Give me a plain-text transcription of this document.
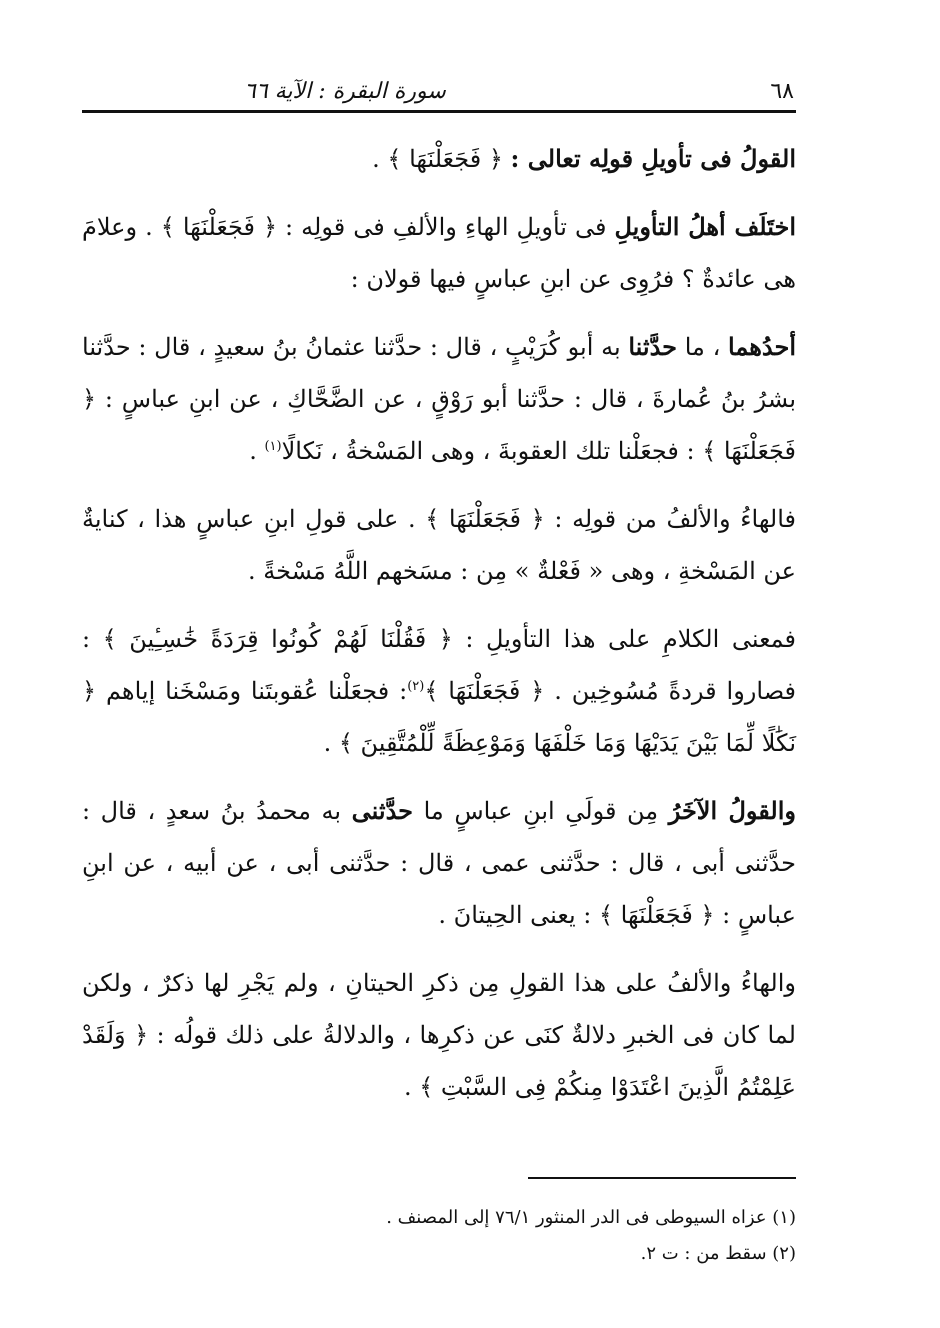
٦٨
سورة البقرة : الآية ٦٦

القولُ فى تأويلِ قولِه تعالى : ﴿ فَجَعَلْنَهَا ﴾ .

اختَلَف أهلُ التأويلِ فى تأويلِ الهاءِ والألفِ فى قولِه : ﴿ فَجَعَلْنَهَا ﴾ . وعلامَ هى عائدةٌ ؟ فرُوِى عن ابنِ عباسٍ فيها قولان :

أحدُهما ، ما حدَّثنا به أبو كُرَيْبٍ ، قال : حدَّثنا عثمانُ بنُ سعيدٍ ، قال : حدَّثنا بشرُ بنُ عُمارةَ ، قال : حدَّثنا أبو رَوْقٍ ، عن الضَّحَّاكِ ، عن ابنِ عباسٍ : ﴿ فَجَعَلْنَهَا ﴾ : فجعَلْنا تلك العقوبةَ ، وهى المَسْخةُ ، نَكالًا$^{(١)}$ .

فالهاءُ والألفُ من قولِه : ﴿ فَجَعَلْنَهَا ﴾ . على قولِ ابنِ عباسٍ هذا ، كنايةٌ عن المَسْخةِ ، وهى « فَعْلةٌ » مِن : مسَخهم اللَّهُ مَسْخةً .

فمعنى الكلامِ على هذا التأويلِ : ﴿ فَقُلْنَا لَهُمْ كُونُوا قِرَدَةً خَٰسِـِٔينَ ﴾ : فصاروا قردةً مُسُوخِين . ﴿ فَجَعَلْنَهَا ﴾$^{(٢)}$: فجعَلْنا عُقوبتَنا ومَسْخَنا إياهم ﴿ نَكَٰلًا لِّمَا بَيْنَ يَدَيْهَا وَمَا خَلْفَهَا وَمَوْعِظَةً لِّلْمُتَّقِينَ ﴾ .

والقولُ الآخَرُ مِن قولَىِ ابنِ عباسٍ ما حدَّثنى به محمدُ بنُ سعدٍ ، قال : حدَّثنى أبى ، قال : حدَّثنى عمى ، قال : حدَّثنى أبى ، عن أبيه ، عن ابنِ عباسٍ : ﴿ فَجَعَلْنَهَا ﴾ : يعنى الحِيتانَ .

والهاءُ والألفُ على هذا القولِ مِن ذكرِ الحيتانِ ، ولم يَجْرِ لها ذكرٌ ، ولكن لما كان فى الخبرِ دلالةٌ كنَى عن ذكرِها ، والدلالةُ على ذلك قولُه : ﴿ وَلَقَدْ عَلِمْتُمُ الَّذِينَ اعْتَدَوْا مِنكُمْ فِى السَّبْتِ ﴾ .

(١) عزاه السيوطى فى الدر المنثور ٧٦/١ إلى المصنف .

(٢) سقط من : ت ٢.
